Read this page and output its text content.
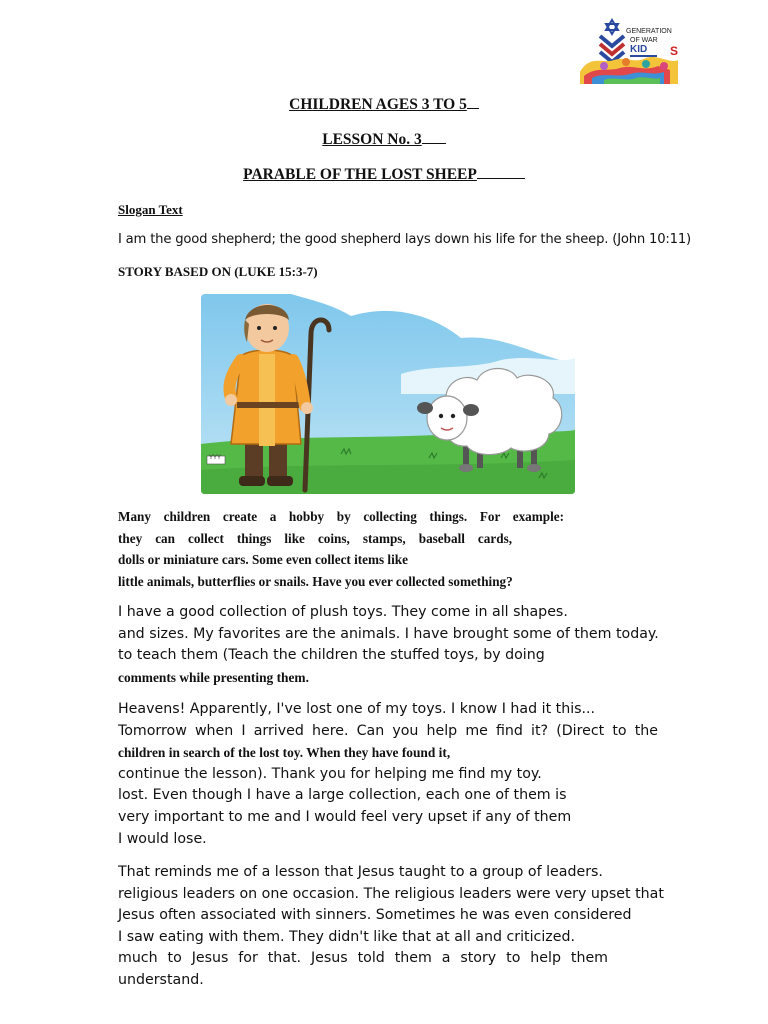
GENERATION
OF WAR
KID	S
CHILDREN AGES 3 TO 5
LESSON No. 3
PARABLE OF THE LOST SHEEP
Slogan Text
I am the good shepherd; the good shepherd lays down his life for the sheep. (John 10:11)
STORY BASED ON (LUKE 15:3-7)
YYY
Many children create a hobby by collecting things. For example:
they can collect things like coins, stamps, baseball cards,
dolls or miniature cars. Some even collect items like
little animals, butterflies or snails. Have you ever collected something?
I have a good collection of plush toys. They come in all shapes.
and sizes. My favorites are the animals. I have brought some of them today.
to teach them (Teach the children the stuffed toys, by doing
comments while presenting them.
Heavens! Apparently, I've lost one of my toys. I know I had it this...
Tomorrow when I arrived here. Can you help me find it? (Direct to the
children in search of the lost toy. When they have found it,
continue the lesson). Thank you for helping me find my toy.
lost. Even though I have a large collection, each one of them is
very important to me and I would feel very upset if any of them
I would lose.
That reminds me of a lesson that Jesus taught to a group of leaders.
religious leaders on one occasion. The religious leaders were very upset that
Jesus often associated with sinners. Sometimes he was even considered
I saw eating with them. They didn't like that at all and criticized.
much to Jesus for that. Jesus told them a story to help them
understand.
